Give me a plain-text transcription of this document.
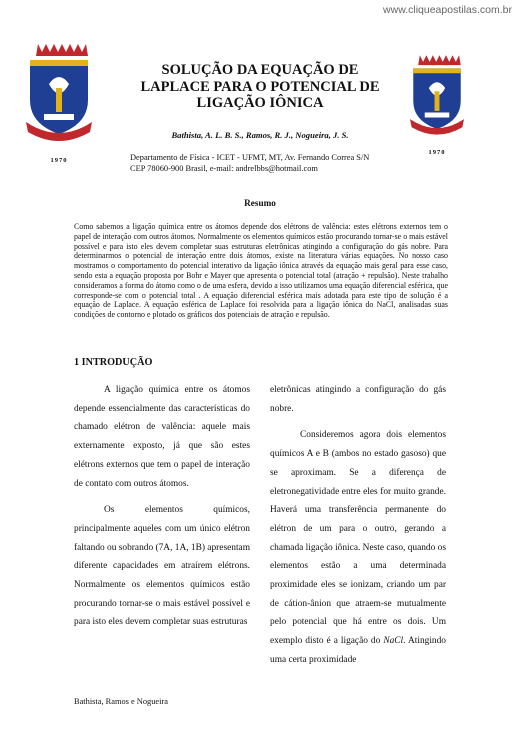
www.cliqueapostilas.com.br
1970
1970
SOLUÇÃO DA EQUAÇÃO DE
LAPLACE PARA O POTENCIAL DE
LIGAÇÃO IÔNICA
Bathista, A. L. B. S., Ramos, R. J., Nogueira, J. S.
Departamento de Física - ICET - UFMT, MT, Av. Fernando Correa S/N
CEP 78060-900 Brasil, e-mail: andrelbbs@hotmail.com
Resumo

Como sabemos a ligação química entre os átomos depende dos elétrons de valência: estes elétrons externos tem o papel de interação com outros átomos. Normalmente os elementos químicos estão procurando tornar-se o mais estável possível e para isto eles devem completar suas estruturas eletrônicas atingindo a configuração do gás nobre. Para determinarmos o potencial de interação entre dois átomos, existe na literatura várias equações. No nosso caso mostramos o comportamento do potencial interativo da ligação iônica através da equação mais geral para esse caso, sendo esta a equação proposta por Bohr e Mayer que apresenta o potencial total (atração + repulsão). Neste trabalho consideramos a forma do átomo como o de uma esfera, devido a isso utilizamos uma equação diferencial esférica, que corresponde-se com o potencial total . A equação diferencial esférica mais adotada para este tipo de solução é a equação de Laplace. A equação esférica de Laplace foi resolvida para a ligação iônica do NaCl, analisadas suas condições de contorno e plotado os gráficos dos potenciais de atração e repulsão.

1 INTRODUÇÃO

A ligação química entre os átomos depende essencialmente das características do chamado elétron de valência: aquele mais externamente exposto, já que são estes elétrons externos que tem o papel de interação de contato com outros átomos.

Os elementos químicos, principalmente aqueles com um único elétron faltando ou sobrando (7A, 1A, 1B) apresentam diferente capacidades em atraírem elétrons. Normalmente os elementos químicos estão procurando tornar-se o mais estável possível e para isto eles devem completar suas estruturas

eletrônicas atingindo a configuração do gás nobre.

Consideremos agora dois elementos químicos A e B (ambos no estado gasoso) que se aproximam. Se a diferença de eletronegatividade entre eles for muito grande. Haverá uma transferência permanente do elétron de um para o outro, gerando a chamada ligação iônica. Neste caso, quando os elementos estão a uma determinada proximidade eles se ionizam, criando um par de cátion-ânion que atraem-se mutualmente pelo potencial que há entre os dois. Um exemplo disto é a ligação do NaCl. Atingindo uma certa proximidade

Bathista, Ramos e Nogueira
